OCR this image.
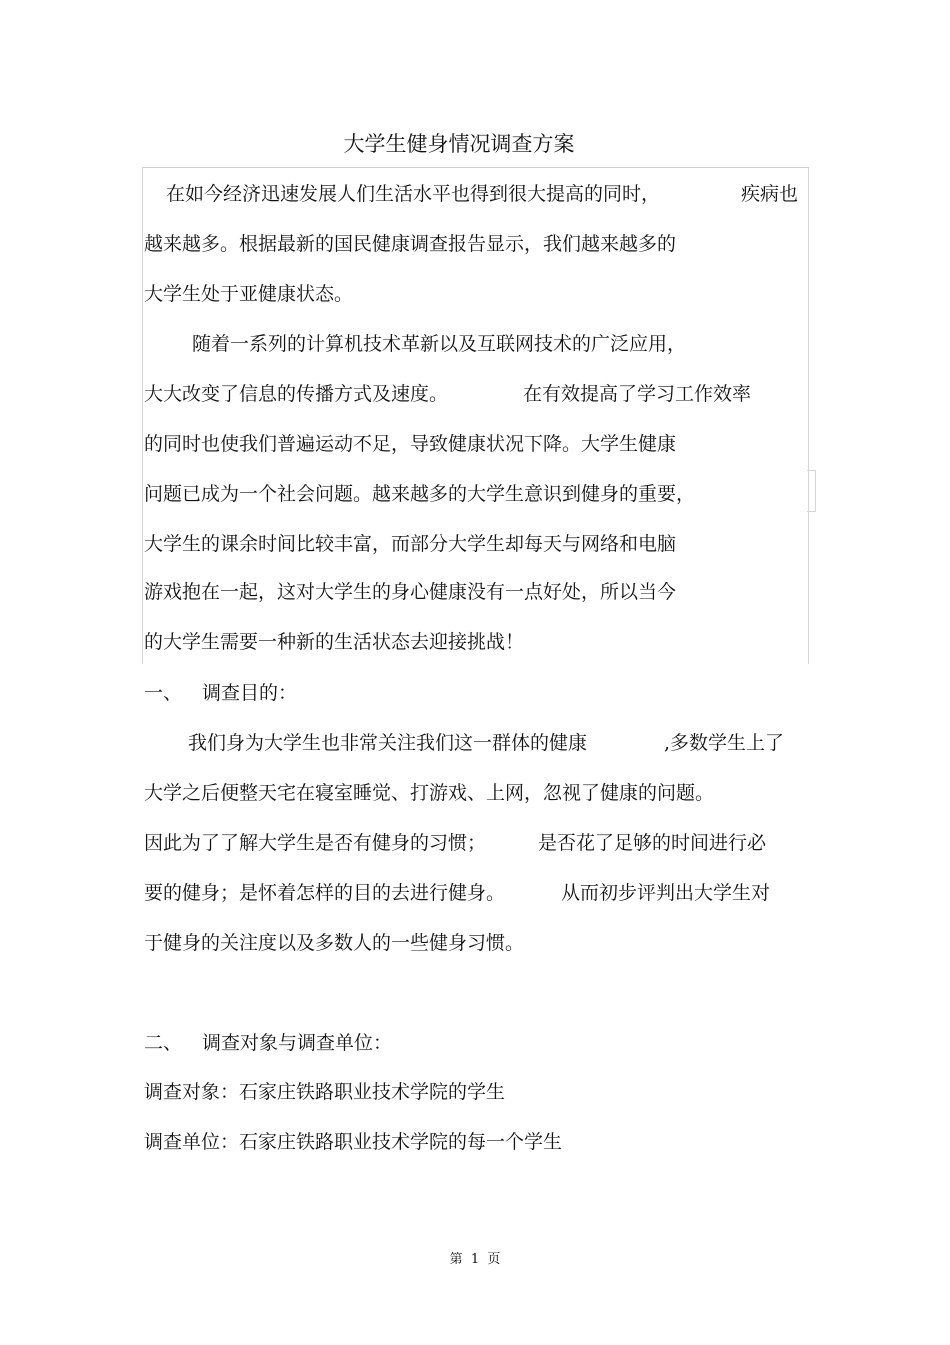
大学生健身情况调查方案
在如今经济迅速发展人们生活水平也得到很大提高的同时，	疾病也
越来越多。根据最新的国民健康调查报告显示，我们越来越多的
大学生处于亚健康状态。
随着一系列的计算机技术革新以及互联网技术的广泛应用，
大大改变了信息的传播方式及速度。	在有效提高了学习工作效率
的同时也使我们普遍运动不足，导致健康状况下降。大学生健康
问题已成为一个社会问题。越来越多的大学生意识到健身的重要，
大学生的课余时间比较丰富，而部分大学生却每天与网络和电脑
游戏抱在一起，这对大学生的身心健康没有一点好处，所以当今
的大学生需要一种新的生活状态去迎接挑战！
一、 调查目的：
我们身为大学生也非常关注我们这一群体的健康	,多数学生上了
大学之后便整天宅在寝室睡觉、打游戏、上网，忽视了健康的问题。
因此为了了解大学生是否有健身的习惯；	是否花了足够的时间进行必
要的健身；是怀着怎样的目的去进行健身。	从而初步评判出大学生对
于健身的关注度以及多数人的一些健身习惯。
二、 调查对象与调查单位：
调查对象：石家庄铁路职业技术学院的学生
调查单位：石家庄铁路职业技术学院的每一个学生
第 1 页
